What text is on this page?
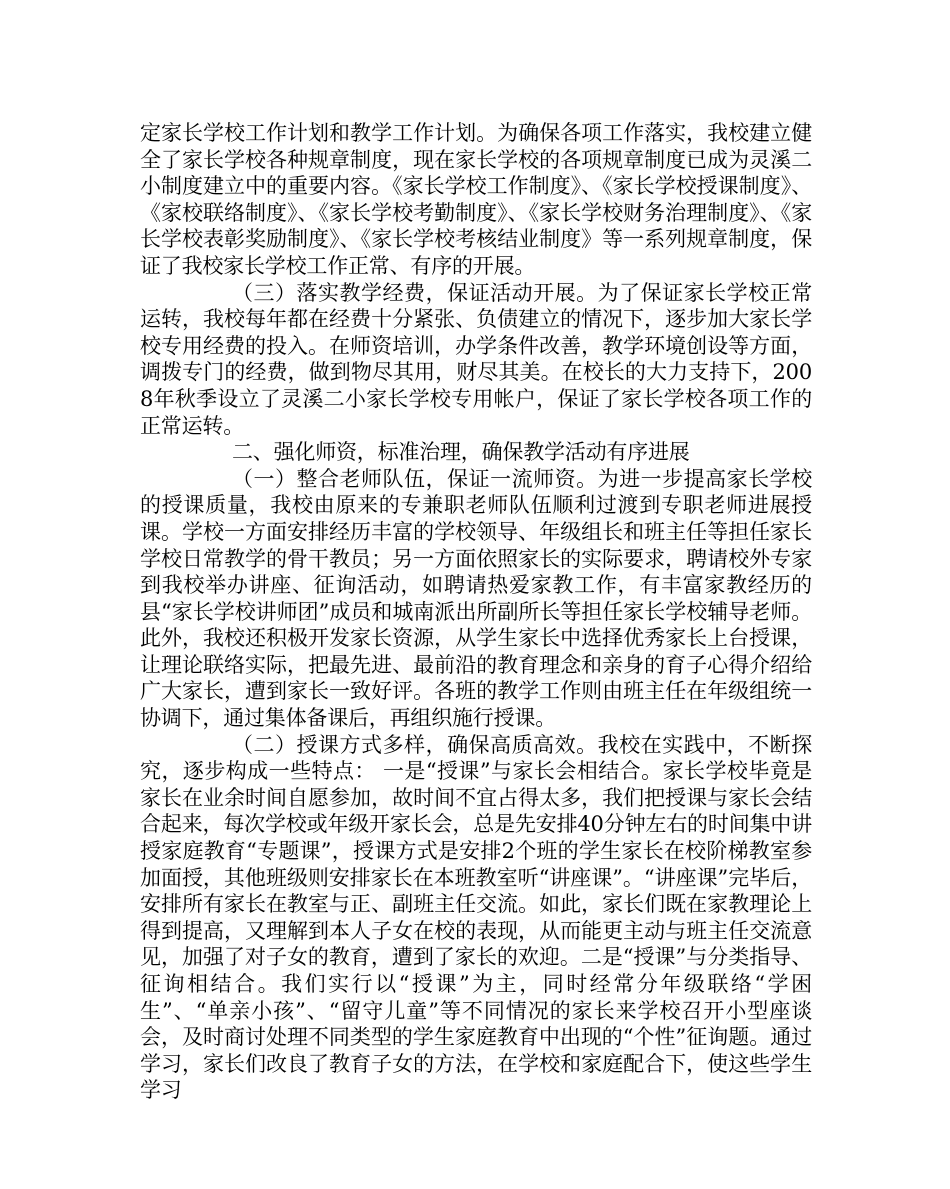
定家长学校工作计划和教学工作计划。为确保各项工作落实，我校建立健全了家长学校各种规章制度，现在家长学校的各项规章制度已成为灵溪二小制度建立中的重要内容。《家长学校工作制度》、《家长学校授课制度》、《家校联络制度》、《家长学校考勤制度》、《家长学校财务治理制度》、《家长学校表彰奖励制度》、《家长学校考核结业制度》等一系列规章制度，保证了我校家长学校工作正常、有序的开展。

（三）落实教学经费，保证活动开展。为了保证家长学校正常运转，我校每年都在经费十分紧张、负债建立的情况下，逐步加大家长学校专用经费的投入。在师资培训，办学条件改善，教学环境创设等方面，调拨专门的经费，做到物尽其用，财尽其美。在校长的大力支持下，2008年秋季设立了灵溪二小家长学校专用帐户，保证了家长学校各项工作的正常运转。

二、强化师资，标准治理，确保教学活动有序进展

（一）整合老师队伍，保证一流师资。为进一步提高家长学校的授课质量，我校由原来的专兼职老师队伍顺利过渡到专职老师进展授课。学校一方面安排经历丰富的学校领导、年级组长和班主任等担任家长学校日常教学的骨干教员；另一方面依照家长的实际要求，聘请校外专家到我校举办讲座、征询活动，如聘请热爱家教工作，有丰富家教经历的县“家长学校讲师团”成员和城南派出所副所长等担任家长学校辅导老师。此外，我校还积极开发家长资源，从学生家长中选择优秀家长上台授课，让理论联络实际，把最先进、最前沿的教育理念和亲身的育子心得介绍给广大家长，遭到家长一致好评。各班的教学工作则由班主任在年级组统一协调下，通过集体备课后，再组织施行授课。

（二）授课方式多样，确保高质高效。我校在实践中，不断探究，逐步构成一些特点： 一是“授课”与家长会相结合。家长学校毕竟是家长在业余时间自愿参加，故时间不宜占得太多，我们把授课与家长会结合起来，每次学校或年级开家长会，总是先安排40分钟左右的时间集中讲授家庭教育“专题课”，授课方式是安排2个班的学生家长在校阶梯教室参加面授，其他班级则安排家长在本班教室听“讲座课”。“讲座课”完毕后，安排所有家长在教室与正、副班主任交流。如此，家长们既在家教理论上得到提高，又理解到本人子女在校的表现，从而能更主动与班主任交流意见，加强了对子女的教育，遭到了家长的欢迎。二是“授课”与分类指导、征询相结合。我们实行以“授课”为主，同时经常分年级联络“学困生”、“单亲小孩”、“留守儿童”等不同情况的家长来学校召开小型座谈会，及时商讨处理不同类型的学生家庭教育中出现的“个性”征询题。通过学习，家长们改良了教育子女的方法，在学校和家庭配合下，使这些学生学习
